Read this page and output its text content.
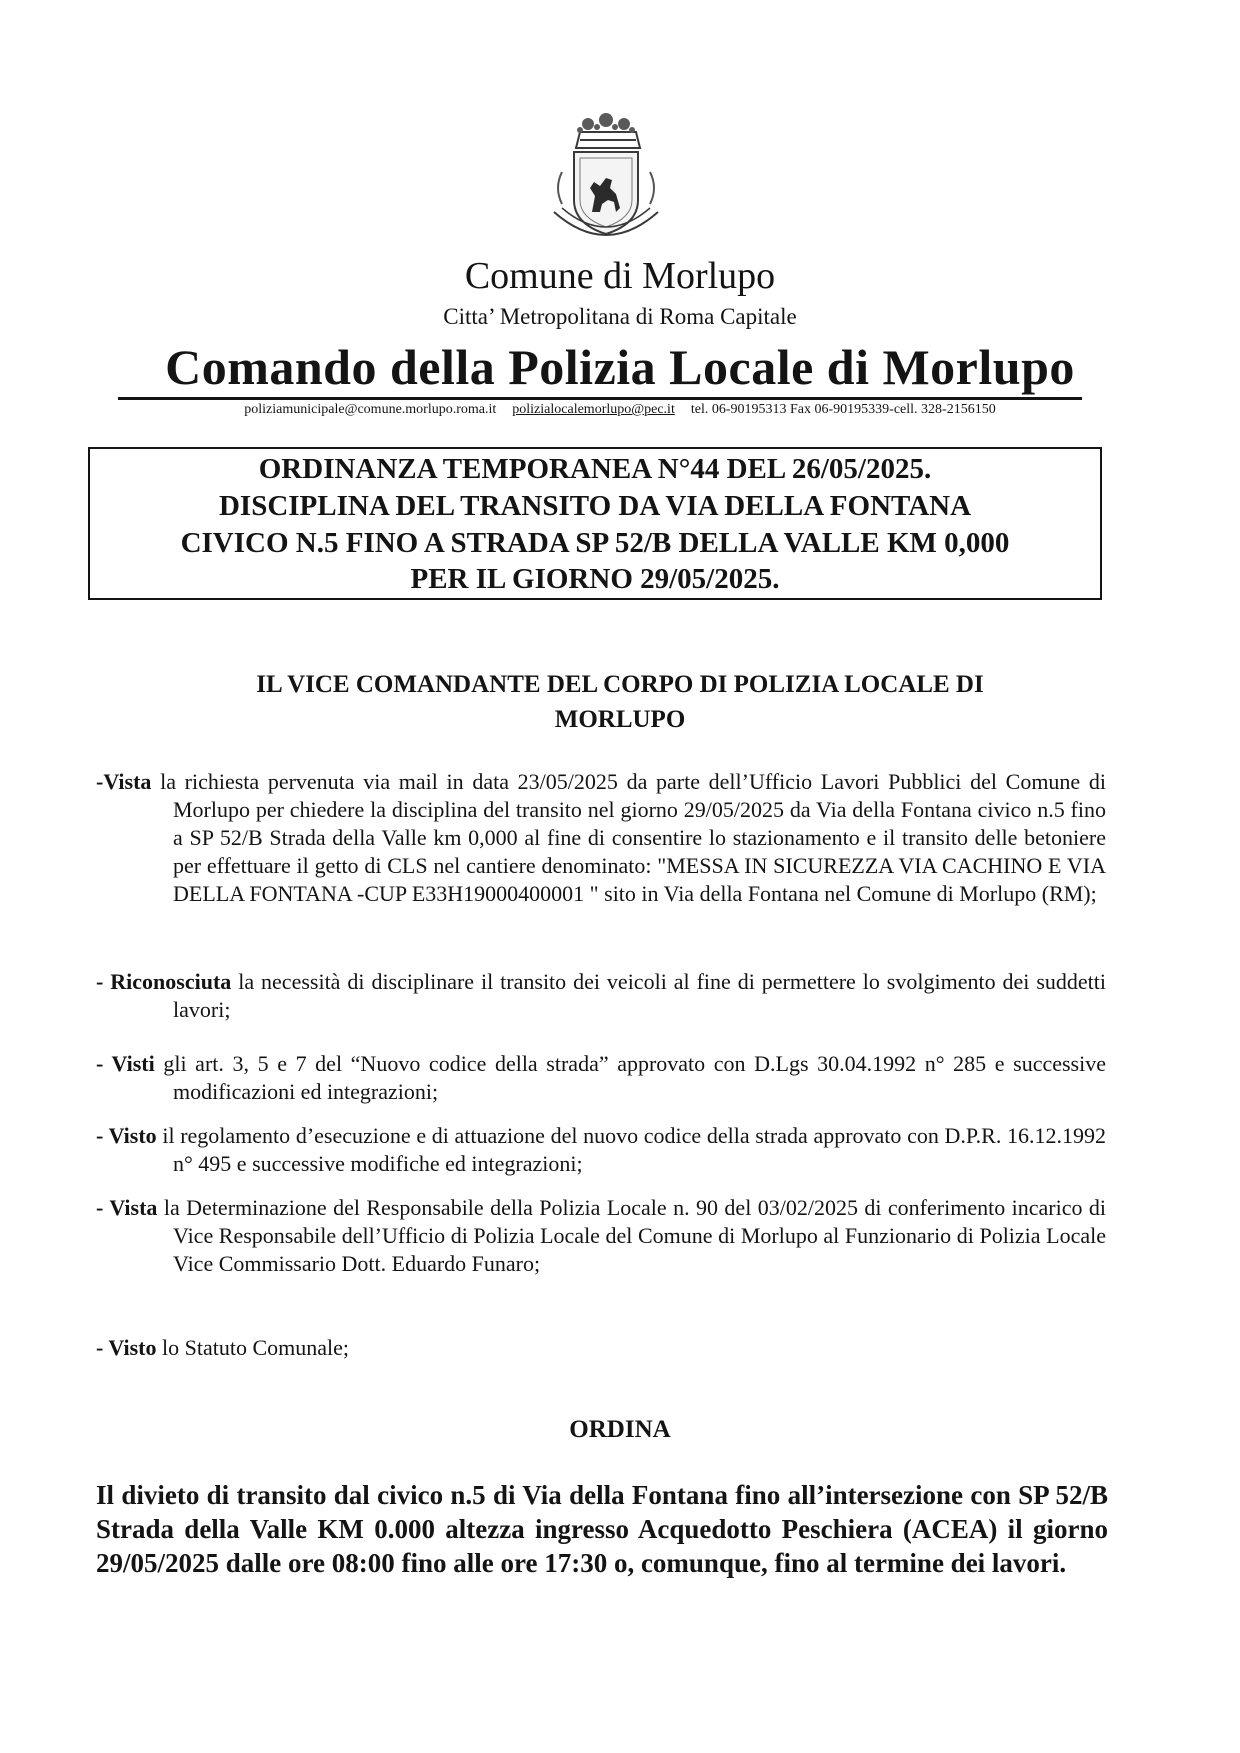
Comune di Morlupo
Citta’ Metropolitana di Roma Capitale
Comando della Polizia Locale di Morlupo
poliziamunicipale@comune.morlupo.roma.it polizialocalemorlupo@pec.it tel. 06-90195313 Fax 06-90195339-cell. 328-2156150
ORDINANZA TEMPORANEA N°44 DEL 26/05/2025.
DISCIPLINA DEL TRANSITO DA VIA DELLA FONTANA
CIVICO N.5 FINO A STRADA SP 52/B DELLA VALLE KM 0,000
PER IL GIORNO 29/05/2025.
IL VICE COMANDANTE DEL CORPO DI POLIZIA LOCALE DI
MORLUPO
-Vista la richiesta pervenuta via mail in data 23/05/2025 da parte dell’Ufficio Lavori Pubblici del Comune di Morlupo per chiedere la disciplina del transito nel giorno 29/05/2025 da Via della Fontana civico n.5 fino a SP 52/B Strada della Valle km 0,000 al fine di consentire lo stazionamento e il transito delle betoniere per effettuare il getto di CLS nel cantiere denominato: "MESSA IN SICUREZZA VIA CACHINO E VIA DELLA FONTANA -CUP E33H19000400001 " sito in Via della Fontana nel Comune di Morlupo (RM);
- Riconosciuta la necessità di disciplinare il transito dei veicoli al fine di permettere lo svolgimento dei suddetti lavori;
- Visti gli art. 3, 5 e 7 del “Nuovo codice della strada” approvato con D.Lgs 30.04.1992 n° 285 e successive modificazioni ed integrazioni;
- Visto il regolamento d’esecuzione e di attuazione del nuovo codice della strada approvato con D.P.R. 16.12.1992 n° 495 e successive modifiche ed integrazioni;
- Vista la Determinazione del Responsabile della Polizia Locale n. 90 del 03/02/2025 di conferimento incarico di Vice Responsabile dell’Ufficio di Polizia Locale del Comune di Morlupo al Funzionario di Polizia Locale Vice Commissario Dott. Eduardo Funaro;
- Visto lo Statuto Comunale;
ORDINA
Il divieto di transito dal civico n.5 di Via della Fontana fino all’intersezione con SP 52/B Strada della Valle KM 0.000 altezza ingresso Acquedotto Peschiera (ACEA) il giorno 29/05/2025 dalle ore 08:00 fino alle ore 17:30 o, comunque, fino al termine dei lavori.
